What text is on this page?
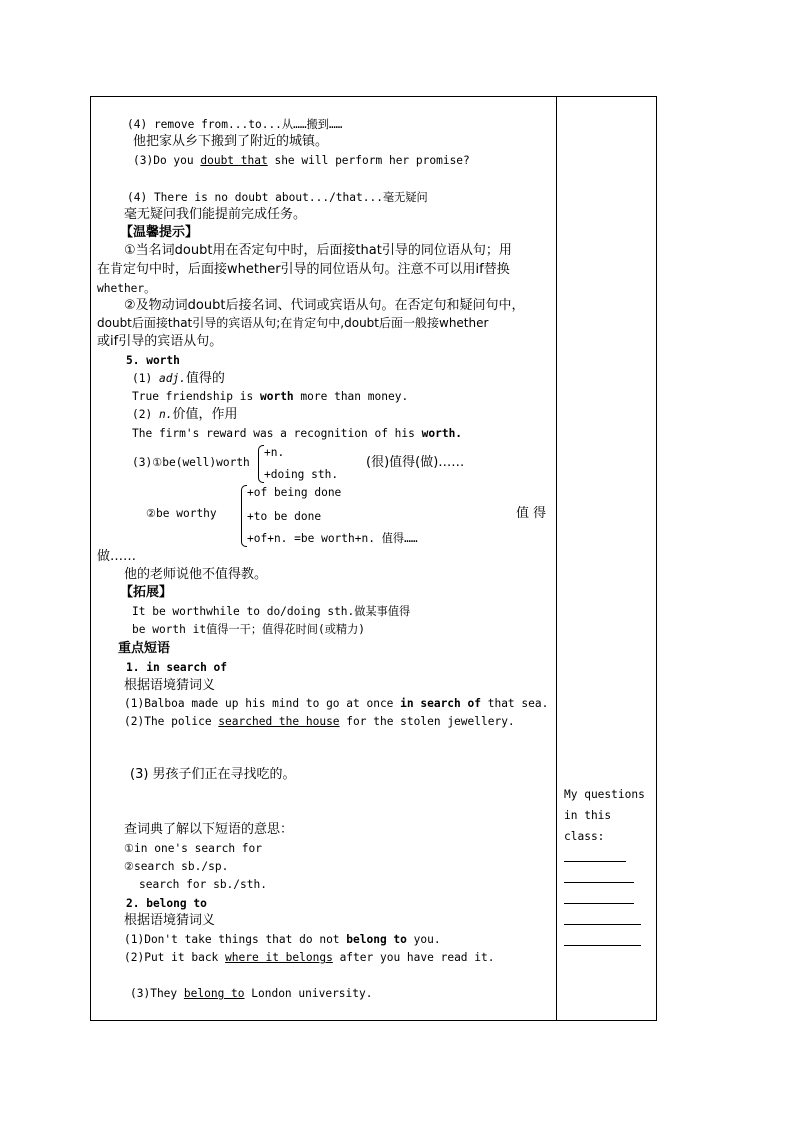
(4) remove from...to...从……搬到……
他把家从乡下搬到了附近的城镇。
(3)Do you doubt that she will perform her promise?
(4) There is no doubt about.../that...毫无疑问
毫无疑问我们能提前完成任务。
【温馨提示】
①当名词doubt用在否定句中时，后面接that引导的同位语从句；用
在肯定句中时，后面接whether引导的同位语从句。注意不可以用if替换
whether。
②及物动词doubt后接名词、代词或宾语从句。在否定句和疑问句中，
doubt后面接that引导的宾语从句;在肯定句中,doubt后面一般接whether
或if引导的宾语从句。
5. worth
(1) adj.值得的
True friendship is worth more than money.
(2) n.价值，作用
The firm's reward was a recognition of his worth.
(3)①be(well)worth
+n.
+doing sth.
(很)值得(做)……
②be worthy
+of being done
+to be done
+of+n. =be worth+n. 值得……
值 得
做……
他的老师说他不值得教。
【拓展】
It be worthwhile to do/doing sth.做某事值得
be worth it值得一干；值得花时间(或精力)
重点短语
1. in search of
根据语境猜词义
(1)Balboa made up his mind to go at once in search of that sea.
(2)The police searched the house for the stolen jewellery.
(3) 男孩子们正在寻找吃的。
查词典了解以下短语的意思：
①in one's search for
②search sb./sp.
search for sb./sth.
2. belong to
根据语境猜词义
(1)Don't take things that do not belong to you.
(2)Put it back where it belongs after you have read it.
(3)They belong to London university.
My questions
in this
class:
